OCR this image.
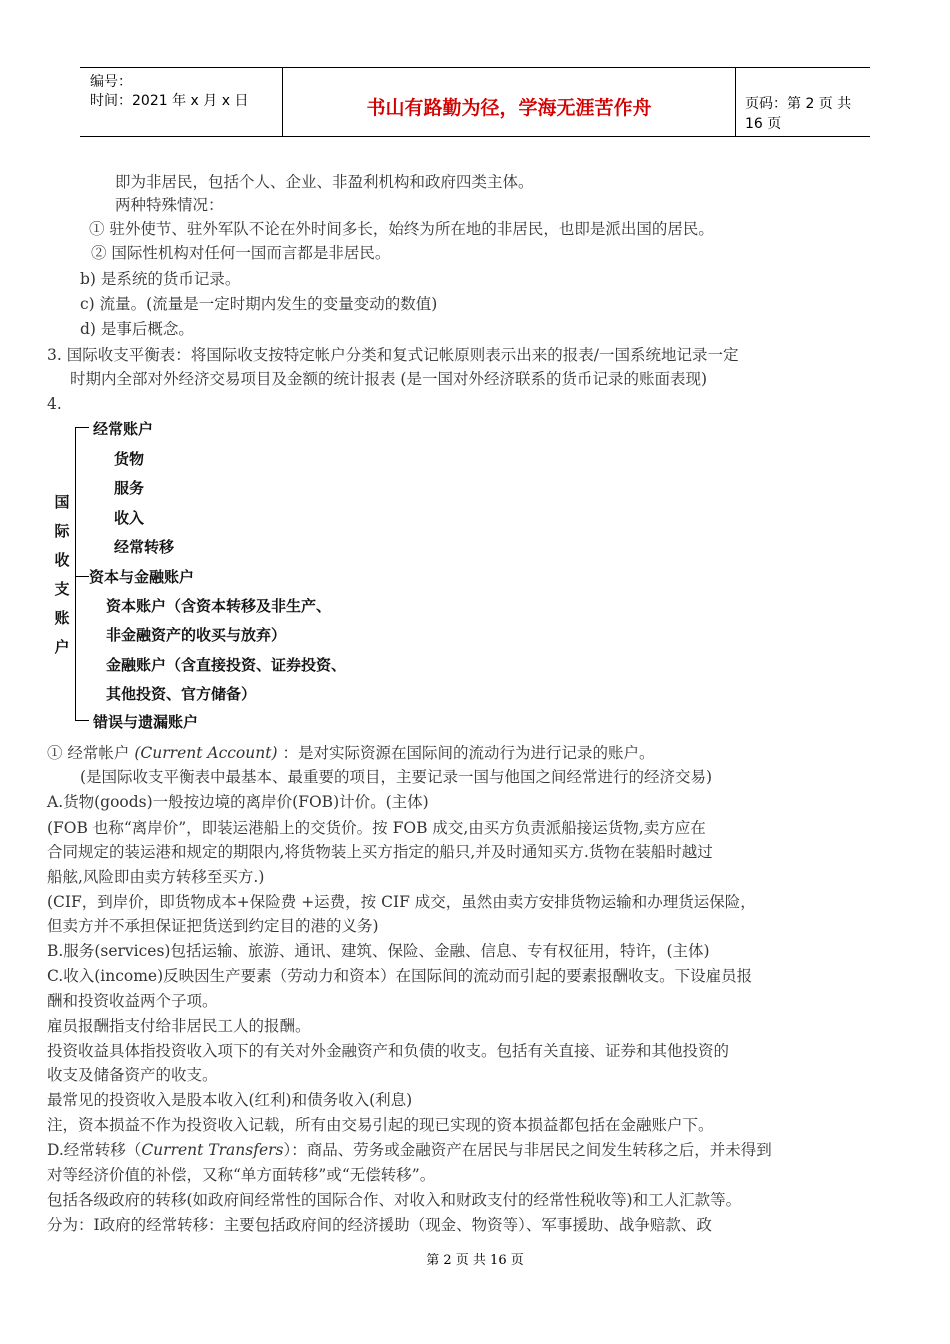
编号：
时间：2021 年 x 月 x 日	书山有路勤为径，学海无涯苦作舟	页码：第 2 页 共 16 页
即为非居民，包括个人、企业、非盈利机构和政府四类主体。
两种特殊情况：
① 驻外使节、驻外军队不论在外时间多长，始终为所在地的非居民，也即是派出国的居民。
② 国际性机构对任何一国而言都是非居民。
b) 是系统的货币记录。
c) 流量。(流量是一定时期内发生的变量变动的数值)
d) 是事后概念。
3. 国际收支平衡表：将国际收支按特定帐户分类和复式记帐原则表示出来的报表/一国系统地记录一定
时期内全部对外经济交易项目及金额的统计报表 (是一国对外经济联系的货币记录的账面表现)
4.
国际收支账户
经常账户
货物
服务
收入
经常转移
资本与金融账户
资本账户（含资本转移及非生产、
非金融资产的收买与放弃）
金融账户（含直接投资、证券投资、
其他投资、官方储备）
错误与遗漏账户
① 经常帐户 (Current Account) ：是对实际资源在国际间的流动行为进行记录的账户。
(是国际收支平衡表中最基本、最重要的项目，主要记录一国与他国之间经常进行的经济交易)
A.货物(goods)一般按边境的离岸价(FOB)计价。(主体)
(FOB 也称“离岸价”，即装运港船上的交货价。按 FOB 成交,由买方负责派船接运货物,卖方应在
合同规定的装运港和规定的期限内,将货物装上买方指定的船只,并及时通知买方.货物在装船时越过
船舷,风险即由卖方转移至买方.)
(CIF，到岸价，即货物成本+保险费 +运费，按 CIF 成交，虽然由卖方安排货物运输和办理货运保险，
但卖方并不承担保证把货送到约定目的港的义务)
B.服务(services)包括运输、旅游、通讯、建筑、保险、金融、信息、专有权征用，特许，(主体)
C.收入(income)反映因生产要素（劳动力和资本）在国际间的流动而引起的要素报酬收支。下设雇员报
酬和投资收益两个子项。
雇员报酬指支付给非居民工人的报酬。
投资收益具体指投资收入项下的有关对外金融资产和负债的收支。包括有关直接、证券和其他投资的
收支及储备资产的收支。
最常见的投资收入是股本收入(红利)和债务收入(利息)
注，资本损益不作为投资收入记载，所有由交易引起的现已实现的资本损益都包括在金融账户下。
D.经常转移（Current Transfers）：商品、劳务或金融资产在居民与非居民之间发生转移之后，并未得到
对等经济价值的补偿，又称“单方面转移”或“无偿转移”。
包括各级政府的转移(如政府间经常性的国际合作、对收入和财政支付的经常性税收等)和工人汇款等。
分为：Ⅰ政府的经常转移：主要包括政府间的经济援助（现金、物资等）、军事援助、战争赔款、政
第 2 页 共 16 页
